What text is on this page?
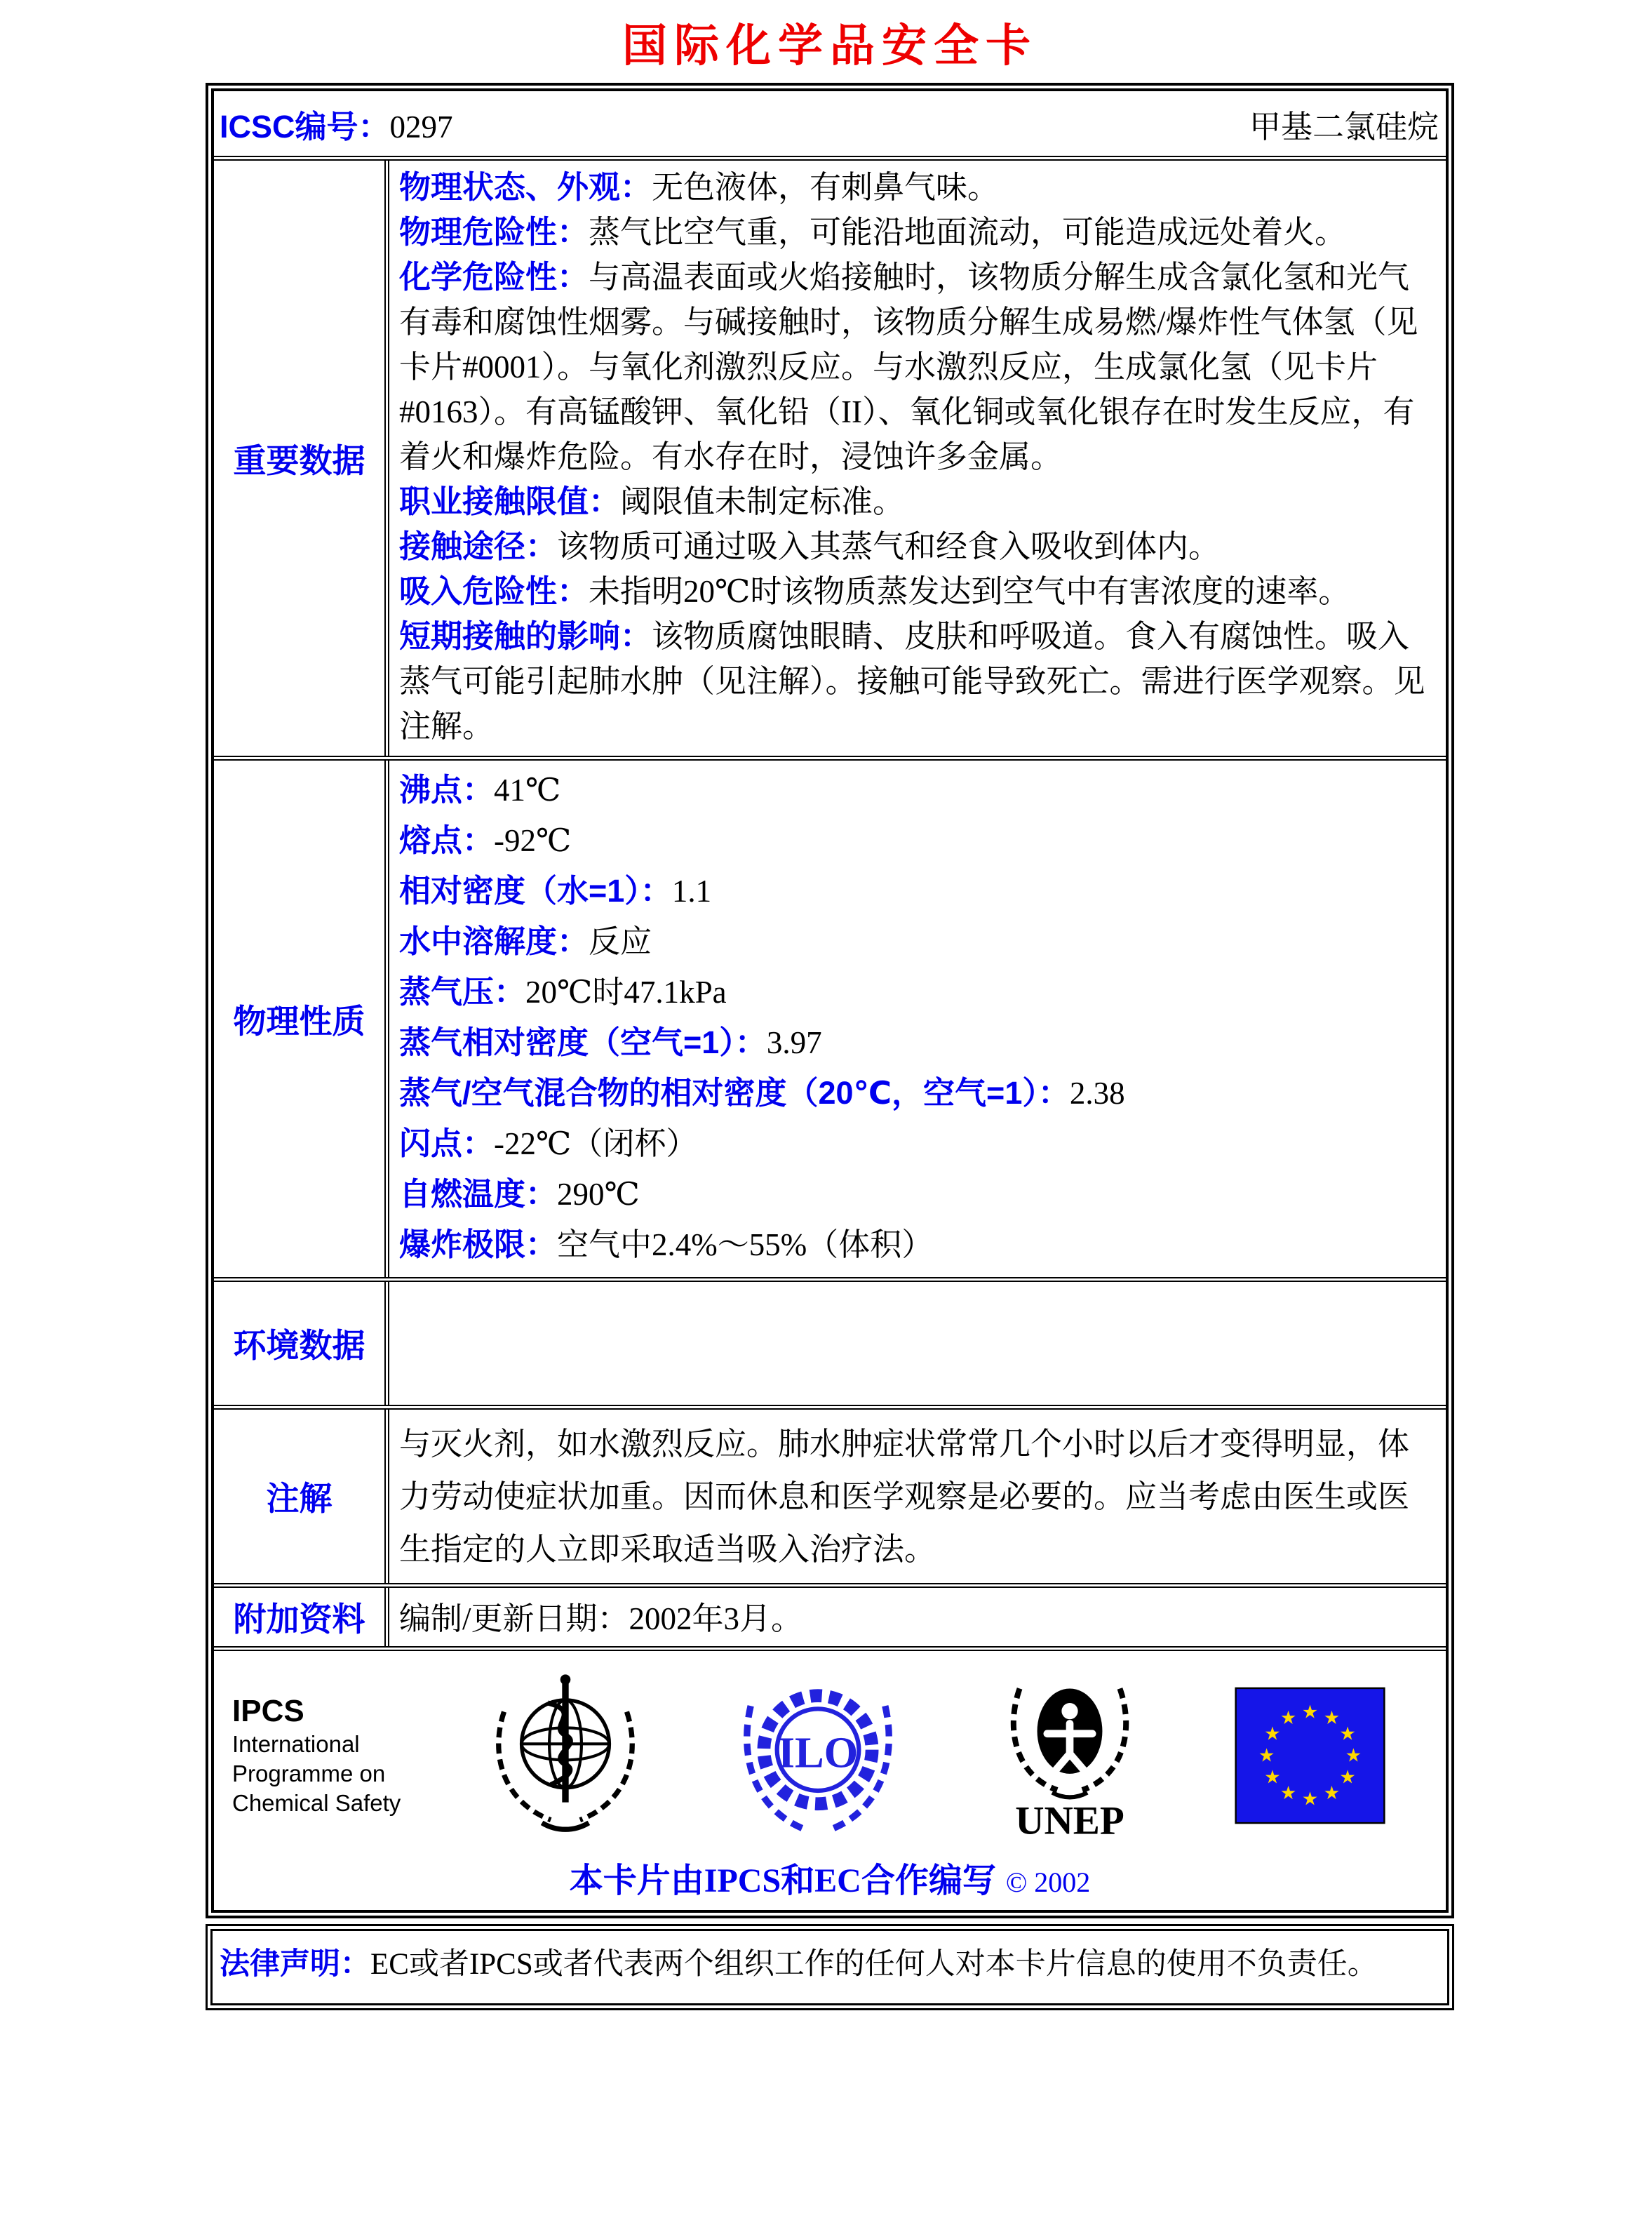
国际化学品安全卡
ICSC编号：0297	甲基二氯硅烷
重要数据

物理状态、外观：无色液体，有刺鼻气味。

物理危险性：蒸气比空气重，可能沿地面流动，可能造成远处着火。

化学危险性：与高温表面或火焰接触时，该物质分解生成含氯化氢和光气有毒和腐蚀性烟雾。与碱接触时，该物质分解生成易燃/爆炸性气体氢（见卡片#0001）。与氧化剂激烈反应。与水激烈反应，生成氯化氢（见卡片#0163）。有高锰酸钾、氧化铅（II）、氧化铜或氧化银存在时发生反应，有着火和爆炸危险。有水存在时，浸蚀许多金属。

职业接触限值：阈限值未制定标准。

接触途径：该物质可通过吸入其蒸气和经食入吸收到体内。

吸入危险性：未指明20℃时该物质蒸发达到空气中有害浓度的速率。

短期接触的影响：该物质腐蚀眼睛、皮肤和呼吸道。食入有腐蚀性。吸入蒸气可能引起肺水肿（见注解）。接触可能导致死亡。需进行医学观察。见注解。

物理性质

沸点：41℃

熔点：-92℃

相对密度（水=1）：1.1

水中溶解度：反应

蒸气压：20℃时47.1kPa

蒸气相对密度（空气=1）：3.97

蒸气/空气混合物的相对密度（20℃，空气=1）：2.38

闪点：-22℃（闭杯）

自燃温度：290℃

爆炸极限：空气中2.4%～55%（体积）

环境数据
注解

与灭火剂，如水激烈反应。肺水肿症状常常几个小时以后才变得明显，体力劳动使症状加重。因而休息和医学观察是必要的。应当考虑由医生或医生指定的人立即采取适当吸入治疗法。

附加资料	编制/更新日期：2002年3月。
IPCS
International
Programme on
Chemical Safety
ILO
UNEP
本卡片由IPCS和EC合作编写 © 2002
法律声明：EC或者IPCS或者代表两个组织工作的任何人对本卡片信息的使用不负责任。
